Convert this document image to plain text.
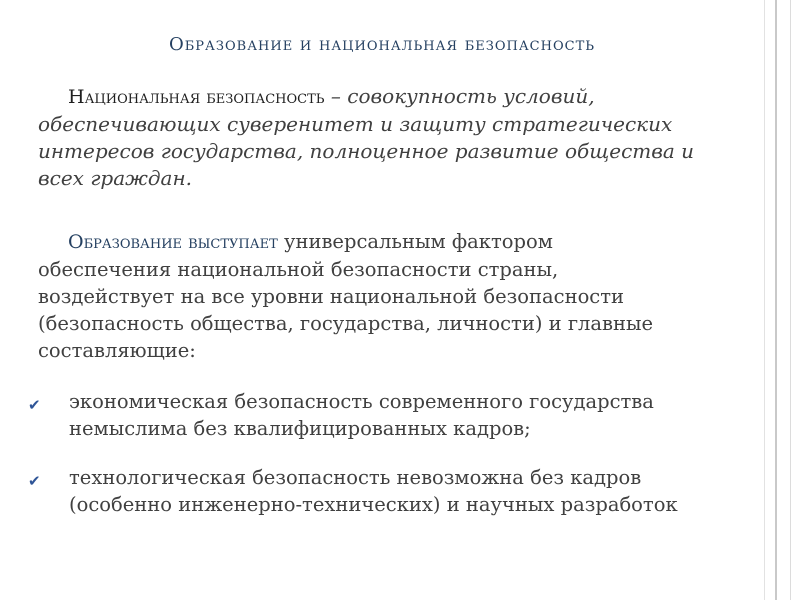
Образование и национальная безопасность
Национальная безопасность – совокупность условий,
обеспечивающих суверенитет и защиту стратегических
интересов государства, полноценное развитие общества и
всех граждан.
Образование выступает универсальным фактором
обеспечения национальной безопасности страны,
воздействует на все уровни национальной безопасности
(безопасность общества, государства, личности) и главные
составляющие:
✔ экономическая безопасность современного государства
немыслима без квалифицированных кадров;
✔ технологическая безопасность невозможна без кадров
(особенно инженерно-технических) и научных разработок
